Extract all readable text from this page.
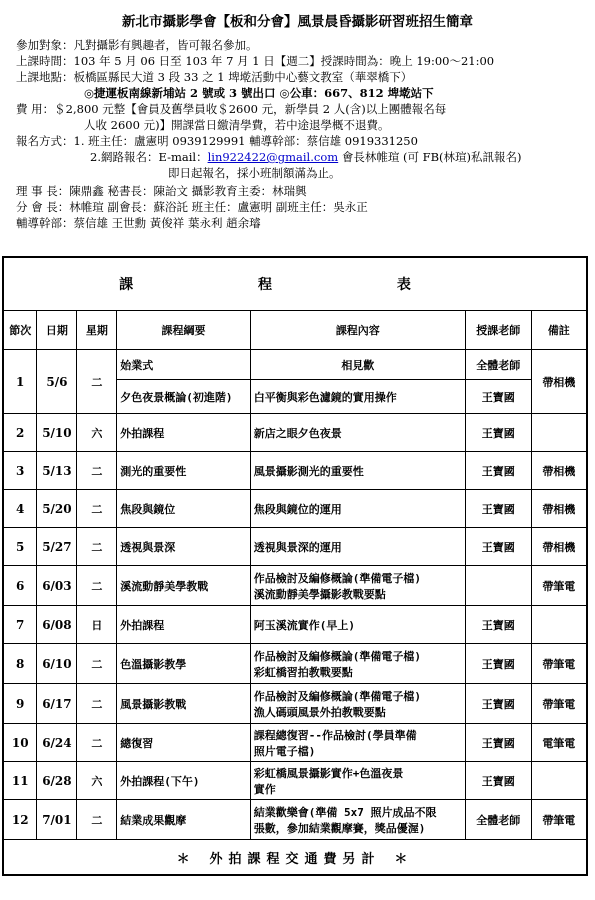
新北市攝影學會【板和分會】風景晨昏攝影研習班招生簡章
參加對象：凡對攝影有興趣者，皆可報名參加。
上課時間：103 年 5 月 06 日至 103 年 7 月 1 日【週二】授課時間為：晚上 19:00～21:00
上課地點：板橋區縣民大道 3 段 33 之 1 埤墘活動中心藝文教室（華翠橋下）
◎捷運板南線新埔站 2 號或 3 號出口 ◎公車：667、812 埤墘站下
費 用：＄2,800 元整【會員及舊學員收＄2600 元，新學員 2 人(含)以上團體報名每
人收 2600 元)】開課當日繳清學費，若中途退學概不退費。
報名方式：1. 班主任：盧憲明 0939129991 輔導幹部：蔡信雄 0919331250
2.網路報名：E-mail：lin922422@gmail.com 會長林帷瑄 (可 FB(林瑄)私訊報名)
即日起報名，採小班制額滿為止。
理 事 長：陳鼎鑫 秘書長：陳詒文 攝影教育主委：林瑞興
分 會 長：林帷瑄 副會長：蘇浴託 班主任：盧憲明 副班主任：吳永正
輔導幹部：蔡信雄 王世勳 黃俊祥 葉永利 趙余璿
課 程 表						
節次	日期	星期	課程綱要	課程內容	授課老師	備註
1	5/6	二	始業式	相見歡	全體老師	帶相機
			夕色夜景概論(初進階)	白平衡與彩色濾鏡的實用操作	王寶國	
2	5/10	六	外拍課程	新店之眼夕色夜景	王寶國	
3	5/13	二	測光的重要性	風景攝影測光的重要性	王寶國	帶相機
4	5/20	二	焦段與鏡位	焦段與鏡位的運用	王寶國	帶相機
5	5/27	二	透視與景深	透視與景深的運用	王寶國	帶相機
6	6/03	二	溪流動靜美學教戰	作品檢討及編修概論(準備電子檔)
溪流動靜美學攝影教戰要點		帶筆電
7	6/08	日	外拍課程	阿玉溪流實作(早上)	王寶國	
8	6/10	二	色溫攝影教學	作品檢討及編修概論(準備電子檔)
彩虹橋習拍教戰要點	王寶國	帶筆電
9	6/17	二	風景攝影教戰	作品檢討及編修概論(準備電子檔)
漁人碼頭風景外拍教戰要點	王寶國	帶筆電
10	6/24	二	總復習	課程總復習--作品檢討(學員準備
照片電子檔)	王寶國	電筆電
11	6/28	六	外拍課程(下午)	彩虹橋風景攝影實作+色溫夜景
實作	王寶國	
12	7/01	二	結業成果觀摩	結業歡樂會(準備 5x7 照片成品不限
張數，參加結業觀摩賽，獎品優渥)	全體老師	帶筆電
＊ 外拍課程交通費另計 ＊						
